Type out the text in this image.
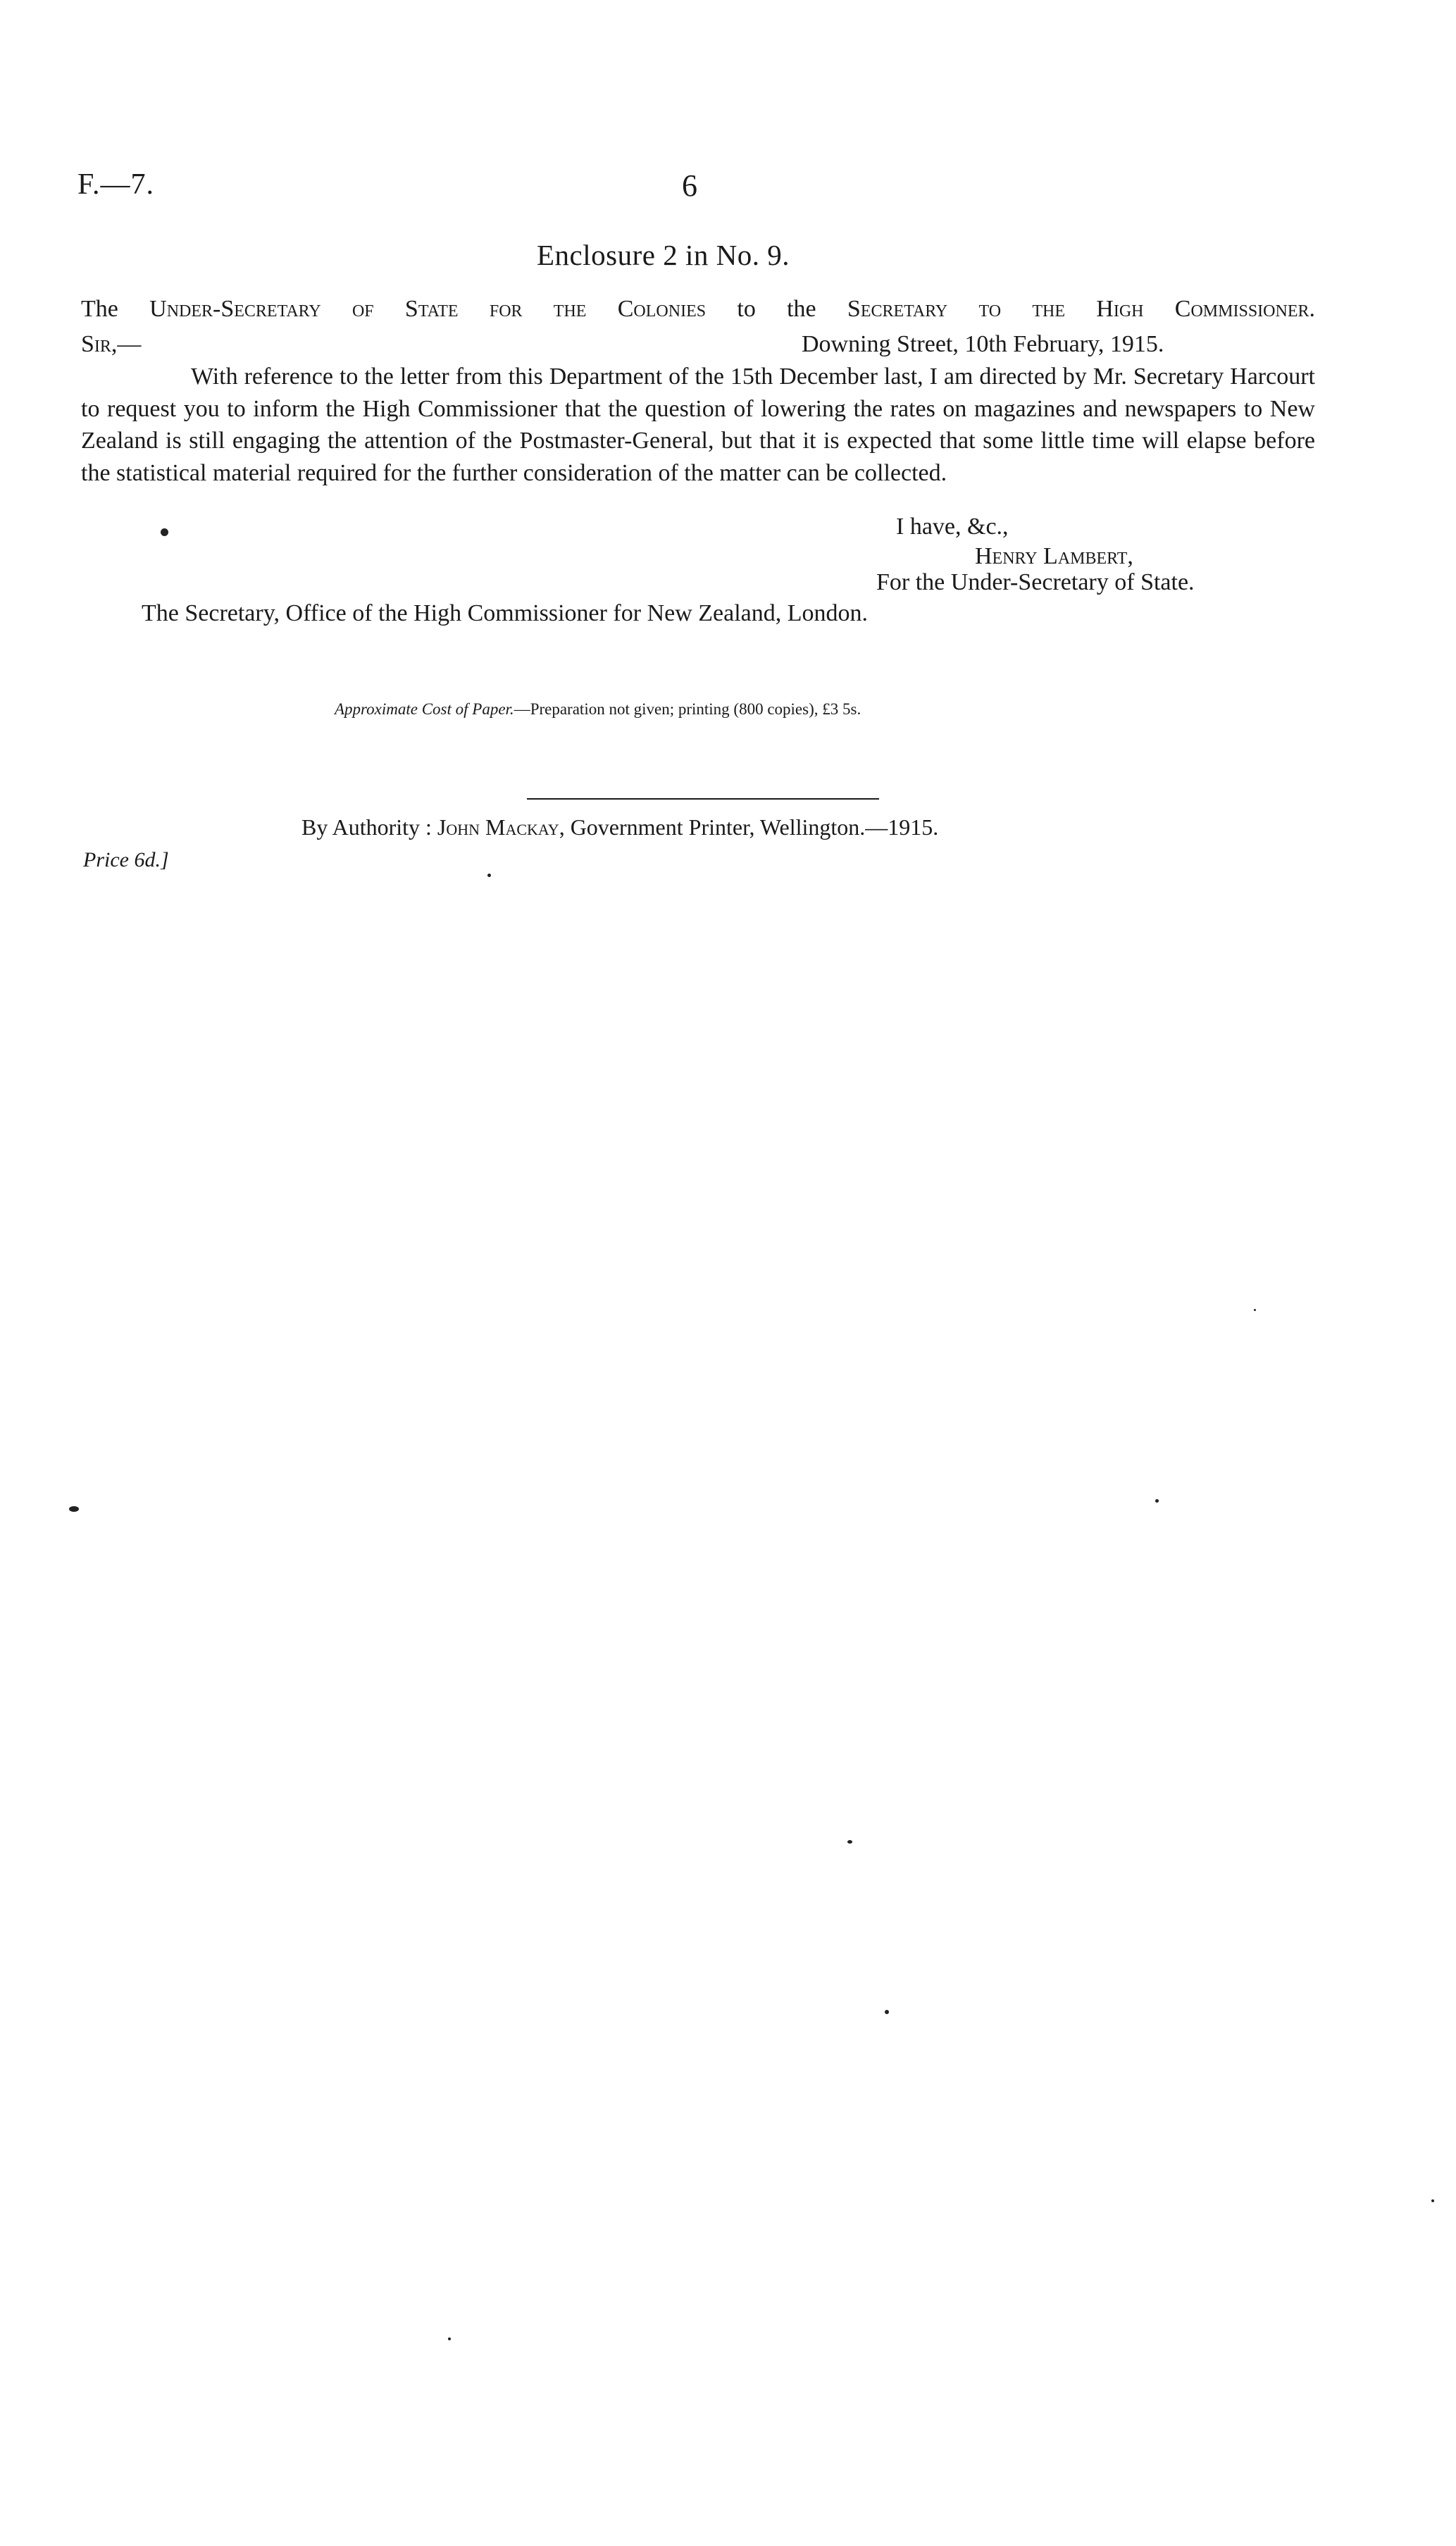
F.—7.	6
Enclosure 2 in No. 9.
The Under-Secretary of State for the Colonies to the Secretary to the High Commissioner.
Sir,—	Downing Street, 10th February, 1915.
With reference to the letter from this Department of the 15th December last, I am directed by Mr. Secretary Harcourt to request you to inform the High Commissioner that the question of lowering the rates on magazines and newspapers to New Zealand is still engaging the attention of the Postmaster-General, but that it is expected that some little time will elapse before the statistical material required for the further consideration of the matter can be collected.
I have, &c.,
Henry Lambert,
For the Under-Secretary of State.
The Secretary, Office of the High Commissioner for New Zealand, London.
Approximate Cost of Paper.—Preparation not given; printing (800 copies), £3 5s.
By Authority : John Mackay, Government Printer, Wellington.—1915.
Price 6d.]
